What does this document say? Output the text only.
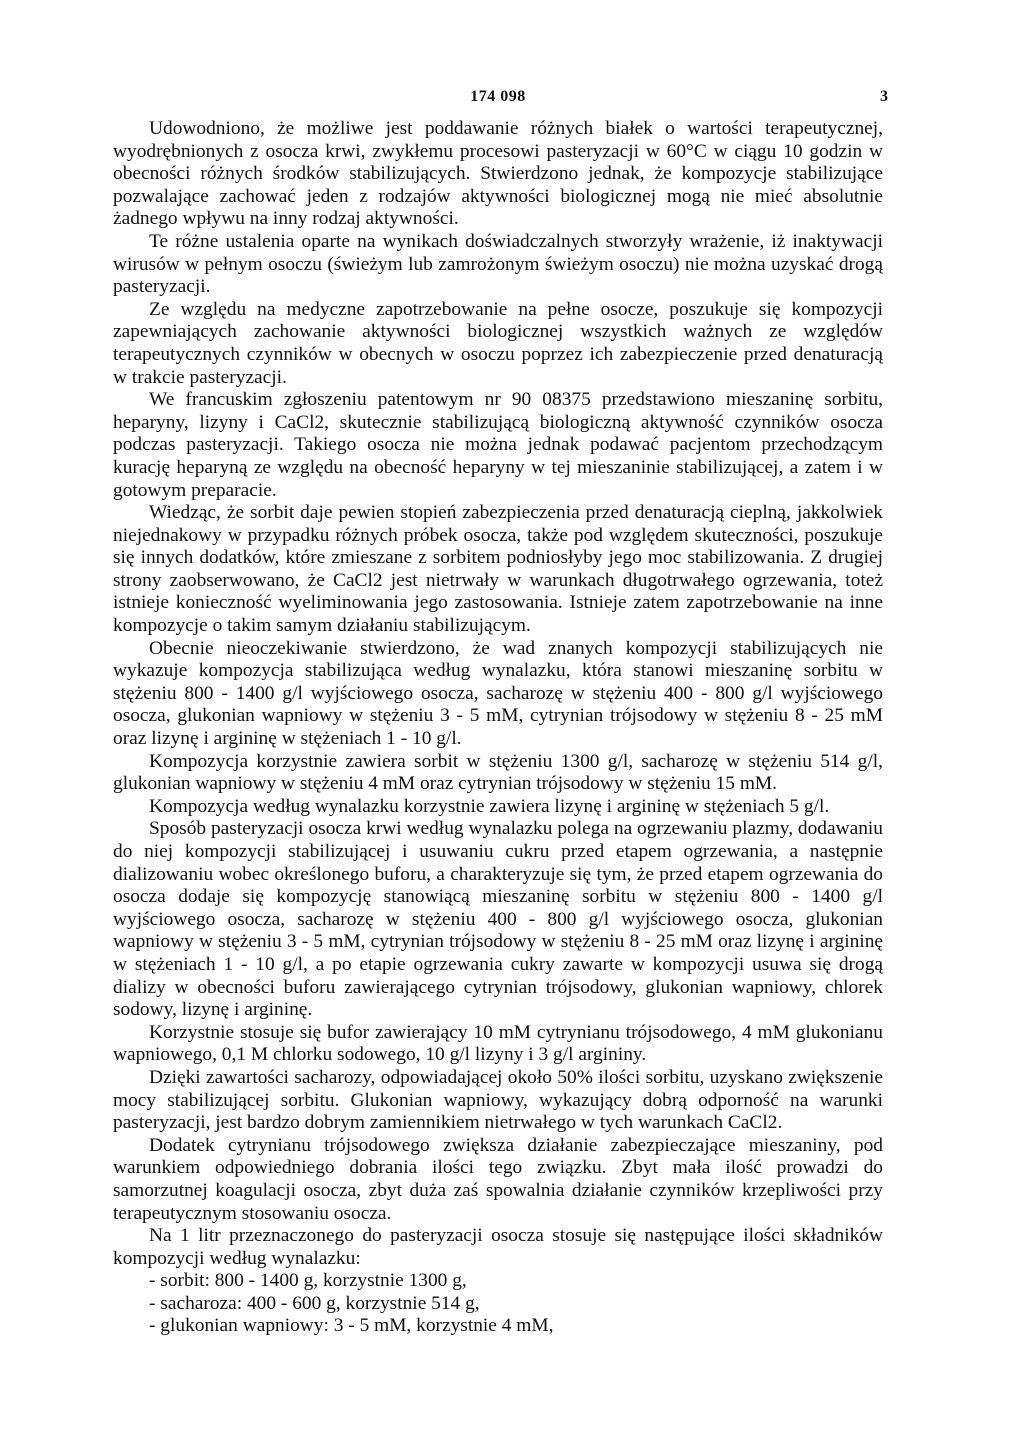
174 098	3

Udowodniono, że możliwe jest poddawanie różnych białek o wartości terapeutycznej, wyodrębnionych z osocza krwi, zwykłemu procesowi pasteryzacji w 60°C w ciągu 10 godzin w obecności różnych środków stabilizujących. Stwierdzono jednak, że kompozycje stabilizujące pozwalające zachować jeden z rodzajów aktywności biologicznej mogą nie mieć absolutnie żadnego wpływu na inny rodzaj aktywności.

Te różne ustalenia oparte na wynikach doświadczalnych stworzyły wrażenie, iż inaktywacji wirusów w pełnym osoczu (świeżym lub zamrożonym świeżym osoczu) nie można uzyskać drogą pasteryzacji.

Ze względu na medyczne zapotrzebowanie na pełne osocze, poszukuje się kompozycji zapewniających zachowanie aktywności biologicznej wszystkich ważnych ze względów terapeutycznych czynników w obecnych w osoczu poprzez ich zabezpieczenie przed denaturacją w trakcie pasteryzacji.

We francuskim zgłoszeniu patentowym nr 90 08375 przedstawiono mieszaninę sorbitu, heparyny, lizyny i CaCl2, skutecznie stabilizującą biologiczną aktywność czynników osocza podczas pasteryzacji. Takiego osocza nie można jednak podawać pacjentom przechodzącym kurację heparyną ze względu na obecność heparyny w tej mieszaninie stabilizującej, a zatem i w gotowym preparacie.

Wiedząc, że sorbit daje pewien stopień zabezpieczenia przed denaturacją cieplną, jakkolwiek niejednakowy w przypadku różnych próbek osocza, także pod względem skuteczności, poszukuje się innych dodatków, które zmieszane z sorbitem podniosłyby jego moc stabilizowania. Z drugiej strony zaobserwowano, że CaCl2 jest nietrwały w warunkach długotrwałego ogrzewania, toteż istnieje konieczność wyeliminowania jego zastosowania. Istnieje zatem zapotrzebowanie na inne kompozycje o takim samym działaniu stabilizującym.

Obecnie nieoczekiwanie stwierdzono, że wad znanych kompozycji stabilizujących nie wykazuje kompozycja stabilizująca według wynalazku, która stanowi mieszaninę sorbitu w stężeniu 800 - 1400 g/l wyjściowego osocza, sacharozę w stężeniu 400 - 800 g/l wyjściowego osocza, glukonian wapniowy w stężeniu 3 - 5 mM, cytrynian trójsodowy w stężeniu 8 - 25 mM oraz lizynę i argininę w stężeniach 1 - 10 g/l.

Kompozycja korzystnie zawiera sorbit w stężeniu 1300 g/l, sacharozę w stężeniu 514 g/l, glukonian wapniowy w stężeniu 4 mM oraz cytrynian trójsodowy w stężeniu 15 mM.

Kompozycja według wynalazku korzystnie zawiera lizynę i argininę w stężeniach 5 g/l.

Sposób pasteryzacji osocza krwi według wynalazku polega na ogrzewaniu plazmy, dodawaniu do niej kompozycji stabilizującej i usuwaniu cukru przed etapem ogrzewania, a następnie dializowaniu wobec określonego buforu, a charakteryzuje się tym, że przed etapem ogrzewania do osocza dodaje się kompozycję stanowiącą mieszaninę sorbitu w stężeniu 800 - 1400 g/l wyjściowego osocza, sacharozę w stężeniu 400 - 800 g/l wyjściowego osocza, glukonian wapniowy w stężeniu 3 - 5 mM, cytrynian trójsodowy w stężeniu 8 - 25 mM oraz lizynę i argininę w stężeniach 1 - 10 g/l, a po etapie ogrzewania cukry zawarte w kompozycji usuwa się drogą dializy w obecności buforu zawierającego cytrynian trójsodowy, glukonian wapniowy, chlorek sodowy, lizynę i argininę.

Korzystnie stosuje się bufor zawierający 10 mM cytrynianu trójsodowego, 4 mM glukonianu wapniowego, 0,1 M chlorku sodowego, 10 g/l lizyny i 3 g/l argininy.

Dzięki zawartości sacharozy, odpowiadającej około 50% ilości sorbitu, uzyskano zwiększenie mocy stabilizującej sorbitu. Glukonian wapniowy, wykazujący dobrą odporność na warunki pasteryzacji, jest bardzo dobrym zamiennikiem nietrwałego w tych warunkach CaCl2.

Dodatek cytrynianu trójsodowego zwiększa działanie zabezpieczające mieszaniny, pod warunkiem odpowiedniego dobrania ilości tego związku. Zbyt mała ilość prowadzi do samorzutnej koagulacji osocza, zbyt duża zaś spowalnia działanie czynników krzepliwości przy terapeutycznym stosowaniu osocza.

Na 1 litr przeznaczonego do pasteryzacji osocza stosuje się następujące ilości składników kompozycji według wynalazku:

- sorbit: 800 - 1400 g, korzystnie 1300 g,
- sacharoza: 400 - 600 g, korzystnie 514 g,
- glukonian wapniowy: 3 - 5 mM, korzystnie 4 mM,
